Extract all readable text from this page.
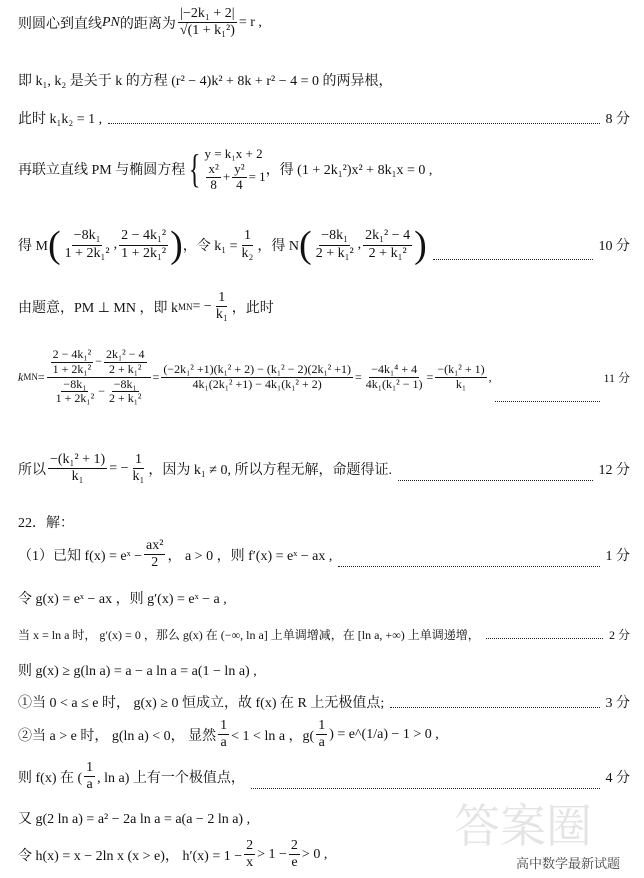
则圆心到直线 PN 的距离为 $\frac{\text{|−2k₁ + 2|}}{\text{√(1 + k₁²)}} = r$ ,
即 k₁, k₂ 是关于 k 的方程 (r² − 4)k² + 8k + r² − 4 = 0 的两异根，
此时 k₁k₂ = 1 ,	8 分
再联立直线 PM 与椭圆方程 { y = k₁x + 2
$\frac{\text{x²}}{8} + \frac{\text{y²}}{4} = 1$ ，得 (1 + 2k₁²)x² + 8k₁x = 0 ,
得 M ( $\frac{\text{−8k₁}}{\text{1 + 2k₁²}}$ , $\frac{\text{2 − 4k₁²}}{\text{1 + 2k₁²}}$ ) ，令 $k_1 = \frac{1}{\text{k₂}}$ ，得 N ( $\frac{\text{−8k₁}}{\text{2 + k₁²}}$ , $\frac{\text{2k₁² − 4}}{\text{2 + k₁²}}$ )	10 分
由题意，PM ⊥ MN ，即 k MN = − $\frac{1}{\text{k₁}}$ ，此时
k MN = $\frac{\frac{\text{2 − 4k₁²}}{\text{1 + 2k₁²}} - \frac{\text{2k₁² − 4}}{\text{2 + k₁²}}}{\frac{\text{−8k₁}}{\text{1 + 2k₁²}} - \frac{\text{−8k₁}}{\text{2 + k₁²}}} = \frac{\text{(−2k₁² +1)(k₁² + 2) − (k₁² − 2)(2k₁² +1)}}{\text{4k₁(2k₁² +1) − 4k₁(k₁² + 2)}} = \frac{\text{−4k₁⁴ + 4}}{\text{4k₁(k₁² − 1)}} = \frac{\text{−(k₁² + 1)}}{\text{k₁}}$ ,	11 分
所以 $\frac{\text{−(k₁² + 1)}}{\text{k₁}}$ = − $\frac{1}{\text{k₁}}$ ，因为 k₁ ≠ 0, 所以方程无解，命题得证.	12 分
22．解：
（1）已知 f(x) = eˣ − $\frac{\text{ax²}}{2}$ ， a > 0 ，则 f′(x) = eˣ − ax ,	1 分
令 g(x) = eˣ − ax ，则 g′(x) = eˣ − a ,
当 x = ln a 时， g′(x) = 0 ，那么 g(x) 在 (−∞, ln a] 上单调增减，在 [ln a, +∞) 上单调递增，	2 分
则 g(x) ≥ g(ln a) = a − a ln a = a(1 − ln a) ,
①当 0 < a ≤ e 时， g(x) ≥ 0 恒成立，故 f(x) 在 R 上无极值点;	3 分
②当 a > e 时， g(ln a) < 0， 显然 $\frac{1}{a} < 1 < \ln a$ ，$g( \frac{1}{a}$ ) = e^(1/a) − 1 > 0 ,
则 f(x) 在 ( $\frac{1}{a}$ , ln a) 上有一个极值点，	4 分
又 g(2 ln a) = a² − 2a ln a = a(a − 2 ln a) ,
令 h(x) = x − 2ln x (x > e)， $h'(x) = 1 - \frac{2}{x} > 1 - \frac{2}{e} > 0$ ,
答案圈
高中数学最新试题
